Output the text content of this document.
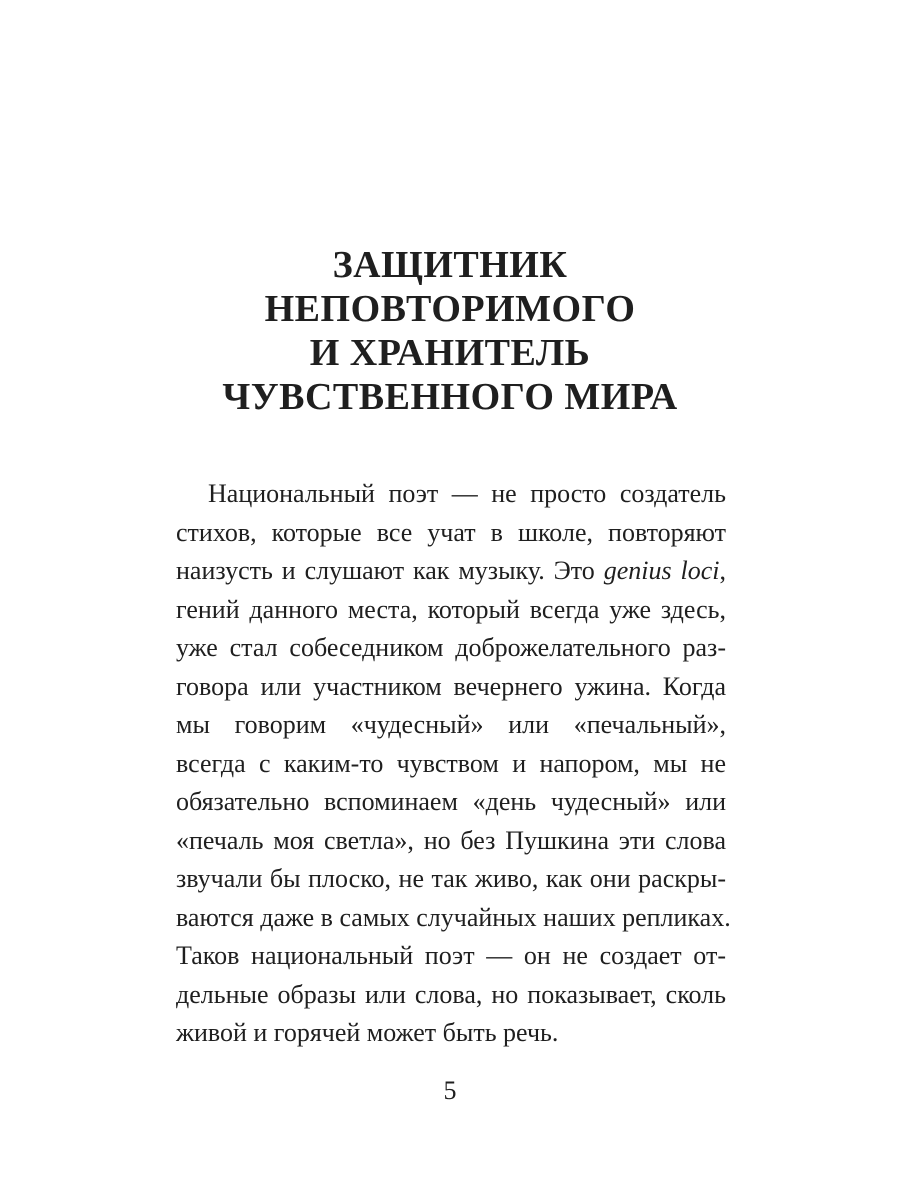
ЗАЩИТНИК
НЕПОВТОРИМОГО
И ХРАНИТЕЛЬ
ЧУВСТВЕННОГО МИРА
Национальный поэт — не просто создатель
стихов, которые все учат в школе, повторяют
наизусть и слушают как музыку. Это genius loci,
гений данного места, который всегда уже здесь,
уже стал собеседником доброжелательного раз-
говора или участником вечернего ужина. Когда
мы говорим «чудесный» или «печальный»,
всегда с каким-то чувством и напором, мы не
обязательно вспоминаем «день чудесный» или
«печаль моя светла», но без Пушкина эти слова
звучали бы плоско, не так живо, как они раскры-
ваются даже в самых случайных наших репликах.
Таков национальный поэт — он не создает от-
дельные образы или слова, но показывает, сколь
живой и горячей может быть речь.
5
